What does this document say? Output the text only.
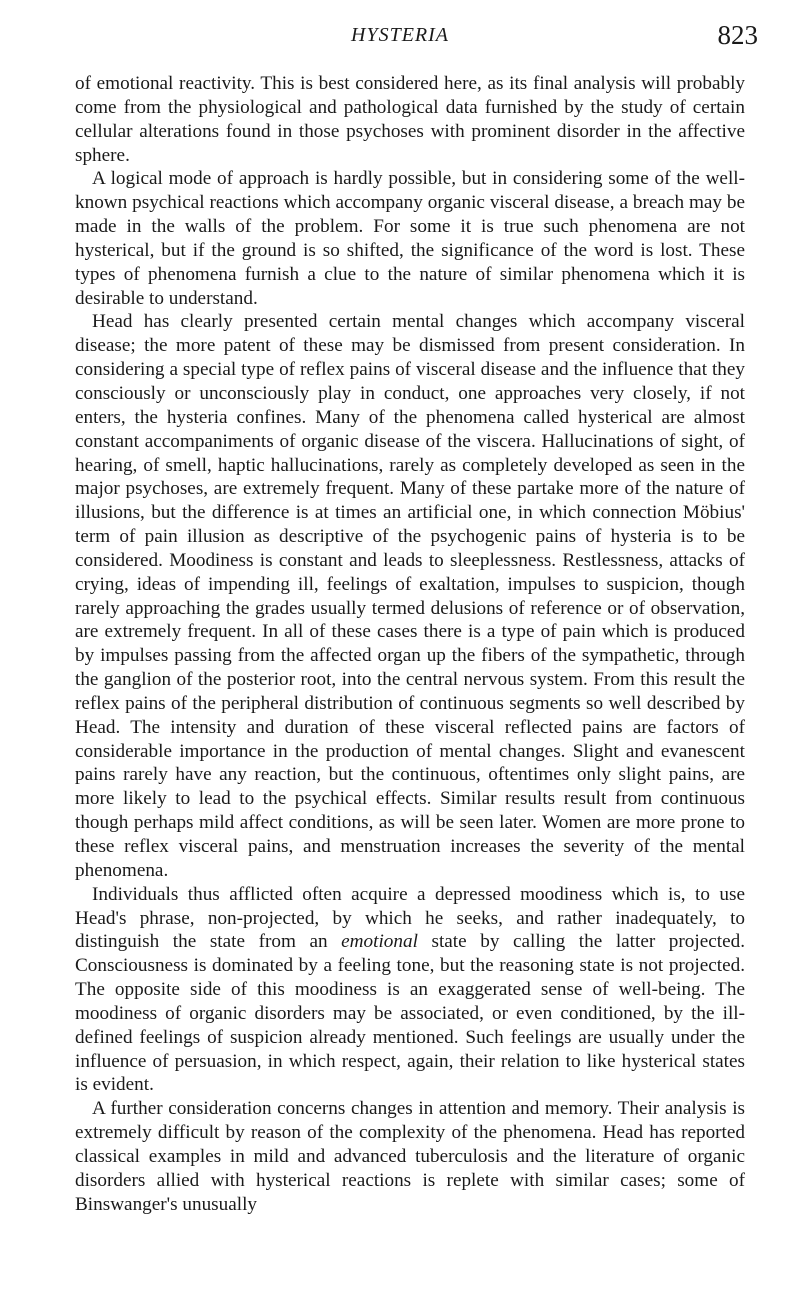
HYSTERIA	823

of emotional reactivity. This is best considered here, as its final analysis will probably come from the physiological and pathological data furnished by the study of certain cellular alterations found in those psychoses with prominent disorder in the affective sphere.

A logical mode of approach is hardly possible, but in considering some of the well-known psychical reactions which accompany organic visceral disease, a breach may be made in the walls of the problem. For some it is true such phenomena are not hysterical, but if the ground is so shifted, the significance of the word is lost. These types of phenomena furnish a clue to the nature of similar phenomena which it is desirable to understand.

Head has clearly presented certain mental changes which accompany visceral disease; the more patent of these may be dismissed from present consideration. In considering a special type of reflex pains of visceral disease and the influence that they consciously or unconsciously play in conduct, one approaches very closely, if not enters, the hysteria confines. Many of the phenomena called hysterical are almost constant accompaniments of organic disease of the viscera. Hallucinations of sight, of hearing, of smell, haptic hallucinations, rarely as completely developed as seen in the major psychoses, are extremely frequent. Many of these partake more of the nature of illusions, but the difference is at times an artificial one, in which connection Möbius' term of pain illusion as descriptive of the psychogenic pains of hysteria is to be considered. Moodiness is constant and leads to sleeplessness. Restlessness, attacks of crying, ideas of impending ill, feelings of exaltation, impulses to suspicion, though rarely approaching the grades usually termed delusions of reference or of observation, are extremely frequent. In all of these cases there is a type of pain which is produced by impulses passing from the affected organ up the fibers of the sympathetic, through the ganglion of the posterior root, into the central nervous system. From this result the reflex pains of the peripheral distribution of continuous segments so well described by Head. The intensity and duration of these visceral reflected pains are factors of considerable importance in the production of mental changes. Slight and evanescent pains rarely have any reaction, but the continuous, oftentimes only slight pains, are more likely to lead to the psychical effects. Similar results result from continuous though perhaps mild affect conditions, as will be seen later. Women are more prone to these reflex visceral pains, and menstruation increases the severity of the mental phenomena.

Individuals thus afflicted often acquire a depressed moodiness which is, to use Head's phrase, non-projected, by which he seeks, and rather inadequately, to distinguish the state from an emotional state by calling the latter projected. Consciousness is dominated by a feeling tone, but the reasoning state is not projected. The opposite side of this moodiness is an exaggerated sense of well-being. The moodiness of organic disorders may be associated, or even conditioned, by the ill-defined feelings of suspicion already mentioned. Such feelings are usually under the influence of persuasion, in which respect, again, their relation to like hysterical states is evident.

A further consideration concerns changes in attention and memory. Their analysis is extremely difficult by reason of the complexity of the phenomena. Head has reported classical examples in mild and advanced tuberculosis and the literature of organic disorders allied with hysterical reactions is replete with similar cases; some of Binswanger's unusually
